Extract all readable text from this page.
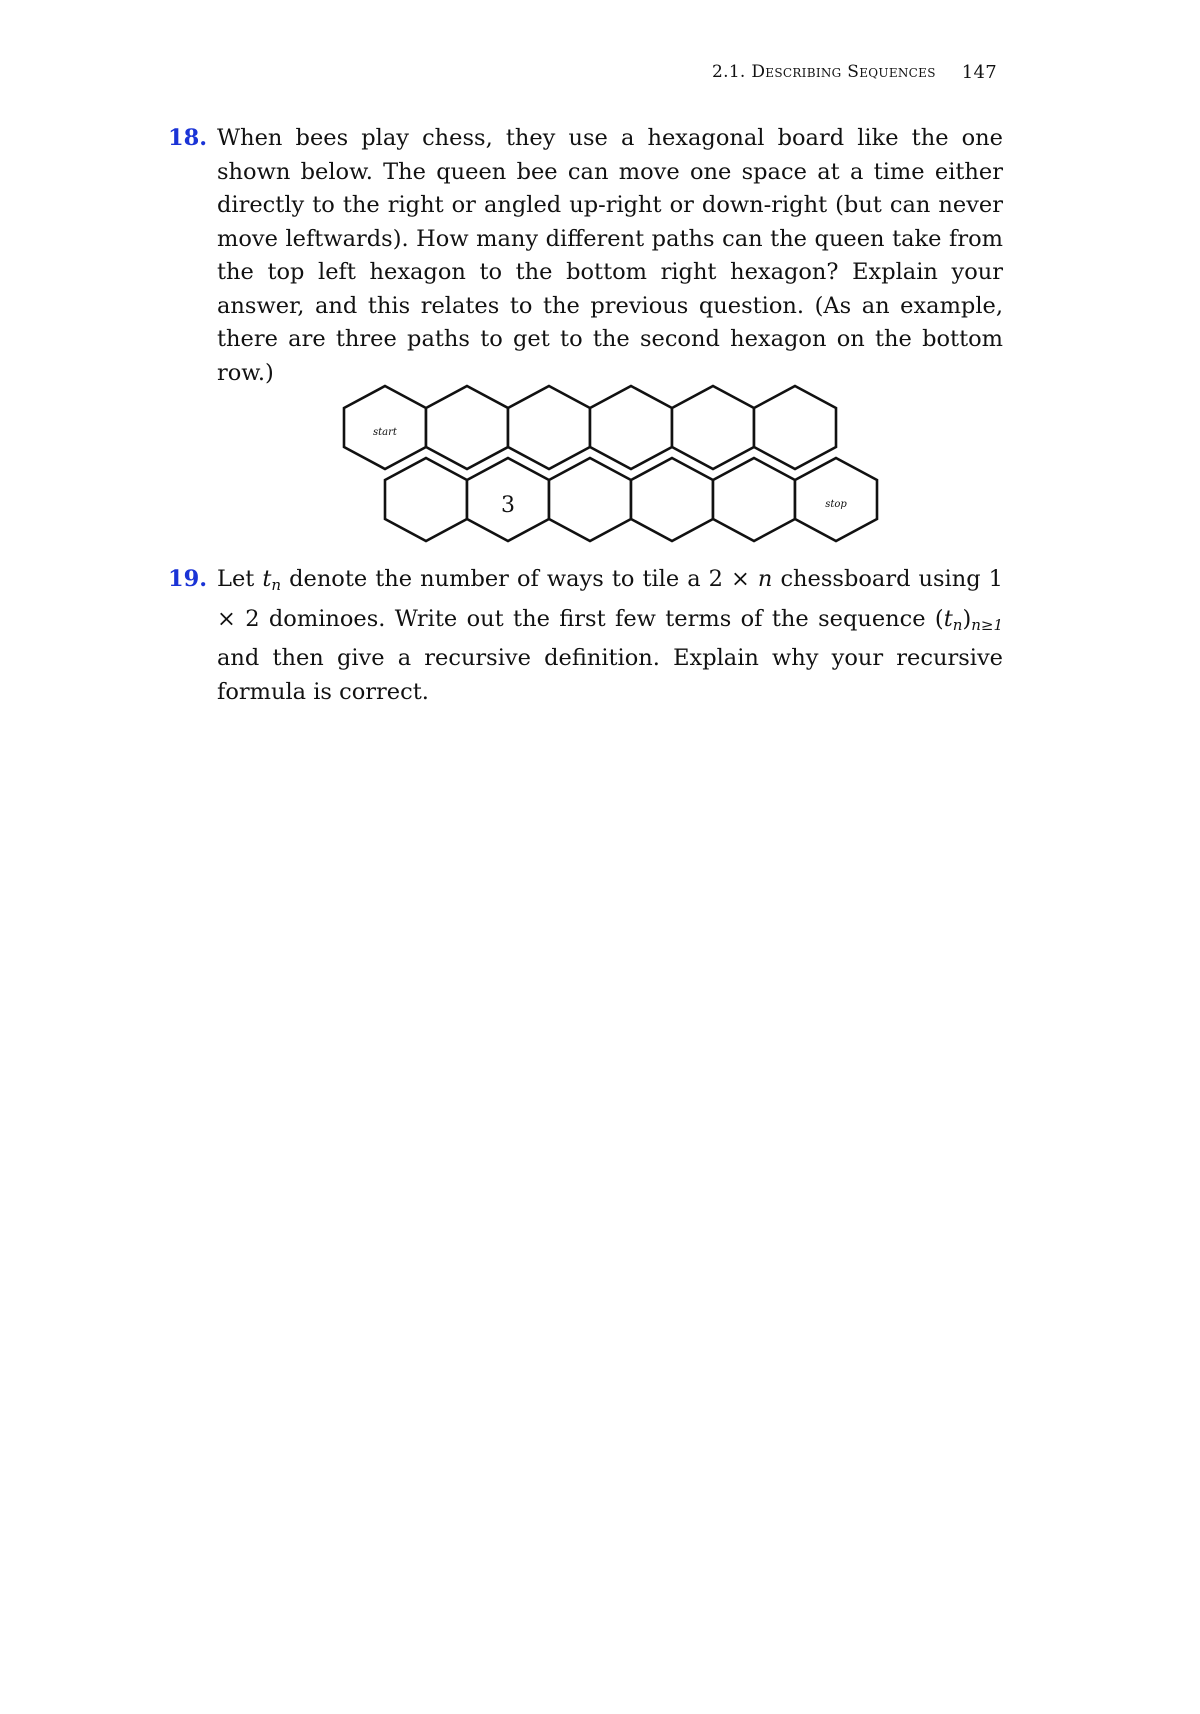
2.1. Describing Sequences 147
18. When bees play chess, they use a hexagonal board like the one shown below. The queen bee can move one space at a time either directly to the right or angled up-right or down-right (but can never move leftwards). How many different paths can the queen take from the top left hexagon to the bottom right hexagon? Explain your answer, and this relates to the previous question. (As an example, there are three paths to get to the second hexagon on the bottom row.)
start
3	stop
19. Let $t_n$ denote the number of ways to tile a 2 × n chessboard using 1 × 2 dominoes. Write out the first few terms of the sequence $(t_n)_{n\ge 1}$ and then give a recursive definition. Explain why your recursive formula is correct.
